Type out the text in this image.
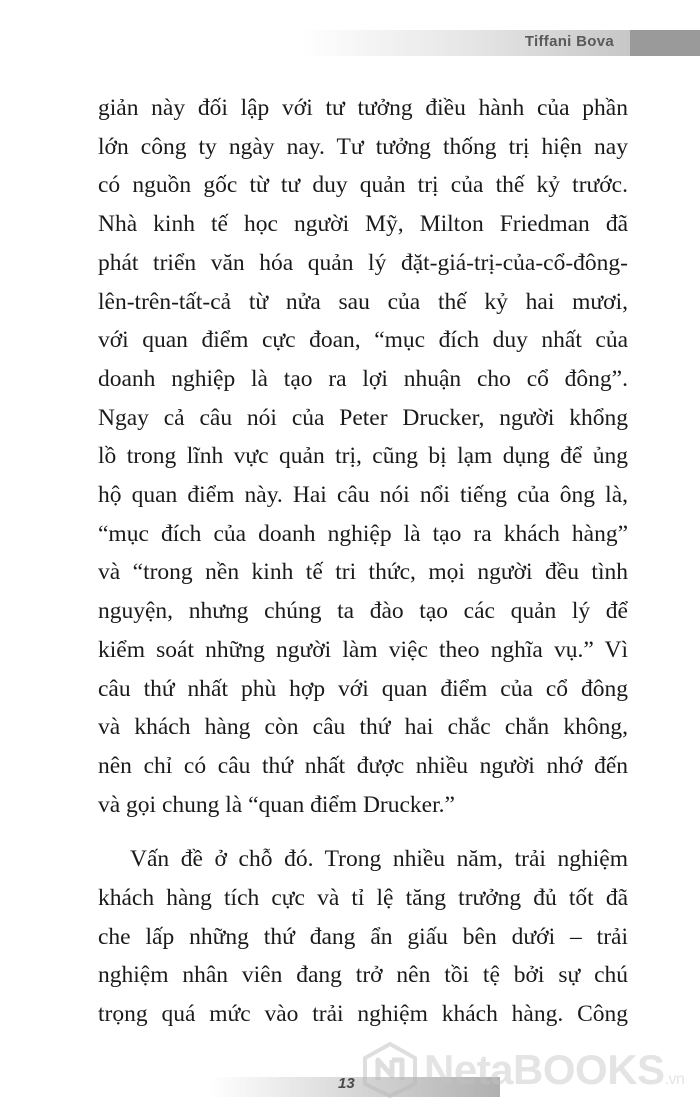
Tiffani Bova

giản này đối lập với tư tưởng điều hành của phần
lớn công ty ngày nay. Tư tưởng thống trị hiện nay
có nguồn gốc từ tư duy quản trị của thế kỷ trước.
Nhà kinh tế học người Mỹ, Milton Friedman đã
phát triển văn hóa quản lý đặt-giá-trị-của-cổ-đông-
lên-trên-tất-cả từ nửa sau của thế kỷ hai mươi,
với quan điểm cực đoan, “mục đích duy nhất của
doanh nghiệp là tạo ra lợi nhuận cho cổ đông”.
Ngay cả câu nói của Peter Drucker, người khổng
lồ trong lĩnh vực quản trị, cũng bị lạm dụng để ủng
hộ quan điểm này. Hai câu nói nổi tiếng của ông là,
“mục đích của doanh nghiệp là tạo ra khách hàng”
và “trong nền kinh tế tri thức, mọi người đều tình
nguyện, nhưng chúng ta đào tạo các quản lý để
kiểm soát những người làm việc theo nghĩa vụ.” Vì
câu thứ nhất phù hợp với quan điểm của cổ đông
và khách hàng còn câu thứ hai chắc chắn không,
nên chỉ có câu thứ nhất được nhiều người nhớ đến
và gọi chung là “quan điểm Drucker.”

Vấn đề ở chỗ đó. Trong nhiều năm, trải nghiệm
khách hàng tích cực và tỉ lệ tăng trưởng đủ tốt đã
che lấp những thứ đang ẩn giấu bên dưới – trải
nghiệm nhân viên đang trở nên tồi tệ bởi sự chú
trọng quá mức vào trải nghiệm khách hàng. Công

13 NetaBOOKS.vn
